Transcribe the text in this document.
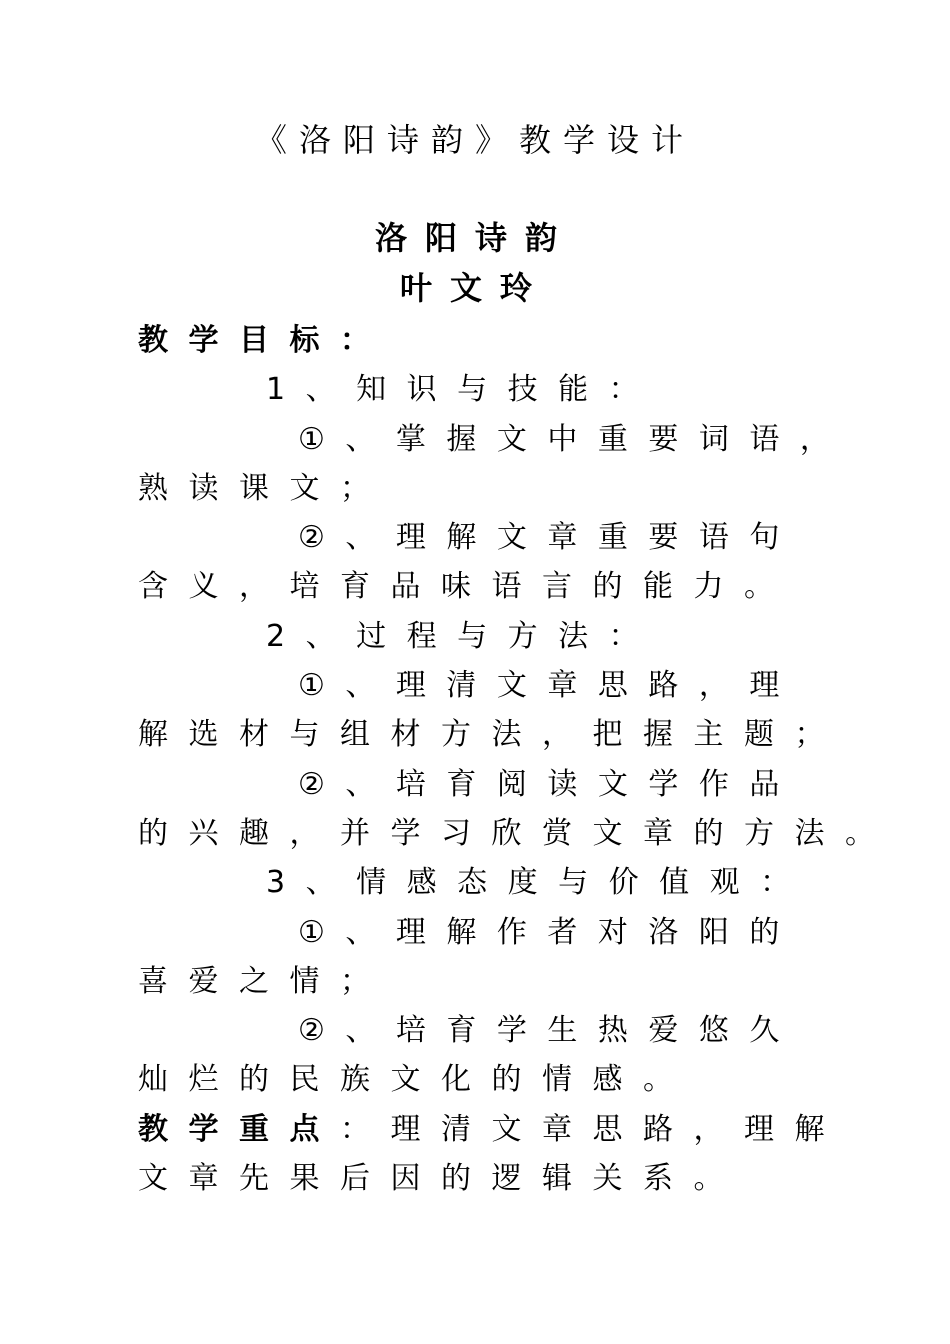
《洛阳诗韵》教学设计
洛阳诗韵
叶文玲
教学目标：
1、知识与技能：
①、掌握文中重要词语，
熟读课文；
②、理解文章重要语句
含义，培育品味语言的能力。
2、过程与方法：
①、理清文章思路，理
解选材与组材方法，把握主题；
②、培育阅读文学作品
的兴趣，并学习欣赏文章的方法。
3、情感态度与价值观：
①、理解作者对洛阳的
喜爱之情；
②、培育学生热爱悠久
灿烂的民族文化的情感。
教学重点：理清文章思路，理解
文章先果后因的逻辑关系。
